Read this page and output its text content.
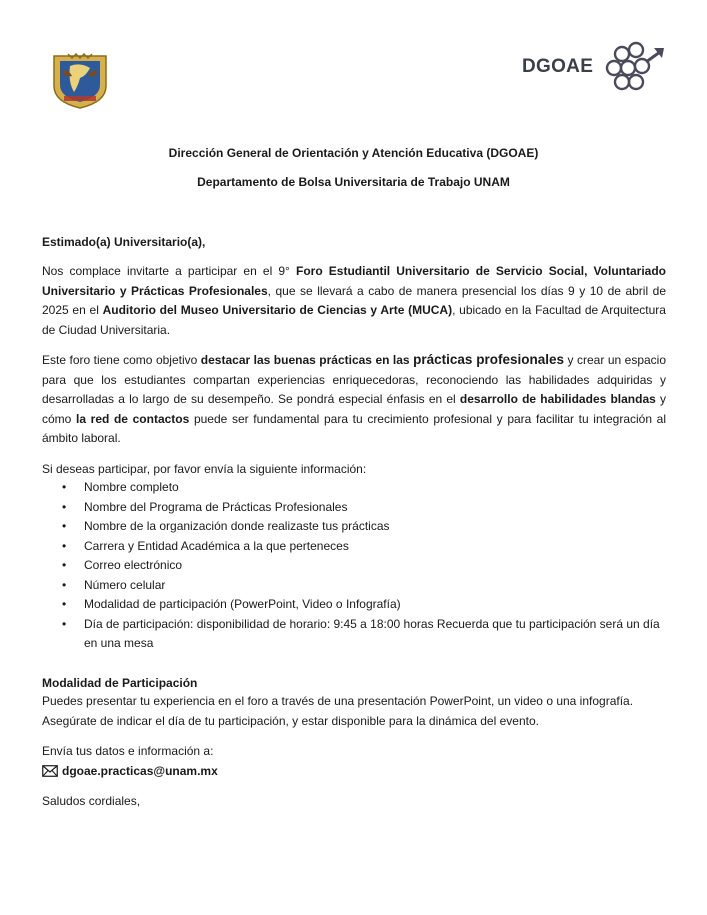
DGOAE
Dirección General de Orientación y Atención Educativa (DGOAE)
Departamento de Bolsa Universitaria de Trabajo UNAM
Estimado(a) Universitario(a),
Nos complace invitarte a participar en el 9° Foro Estudiantil Universitario de Servicio Social, Voluntariado Universitario y Prácticas Profesionales, que se llevará a cabo de manera presencial los días 9 y 10 de abril de 2025 en el Auditorio del Museo Universitario de Ciencias y Arte (MUCA), ubicado en la Facultad de Arquitectura de Ciudad Universitaria.
Este foro tiene como objetivo destacar las buenas prácticas en las prácticas profesionales y crear un espacio para que los estudiantes compartan experiencias enriquecedoras, reconociendo las habilidades adquiridas y desarrolladas a lo largo de su desempeño. Se pondrá especial énfasis en el desarrollo de habilidades blandas y cómo la red de contactos puede ser fundamental para tu crecimiento profesional y para facilitar tu integración al ámbito laboral.
Si deseas participar, por favor envía la siguiente información:
• Nombre completo
• Nombre del Programa de Prácticas Profesionales
• Nombre de la organización donde realizaste tus prácticas
• Carrera y Entidad Académica a la que perteneces
• Correo electrónico
• Número celular
• Modalidad de participación (PowerPoint, Video o Infografía)
• Día de participación: disponibilidad de horario: 9:45 a 18:00 horas Recuerda que tu participación será un día en una mesa
Modalidad de Participación
Puedes presentar tu experiencia en el foro a través de una presentación PowerPoint, un video o una infografía. Asegúrate de indicar el día de tu participación, y estar disponible para la dinámica del evento.
Envía tus datos e información a:
dgoae.practicas@unam.mx
Saludos cordiales,
